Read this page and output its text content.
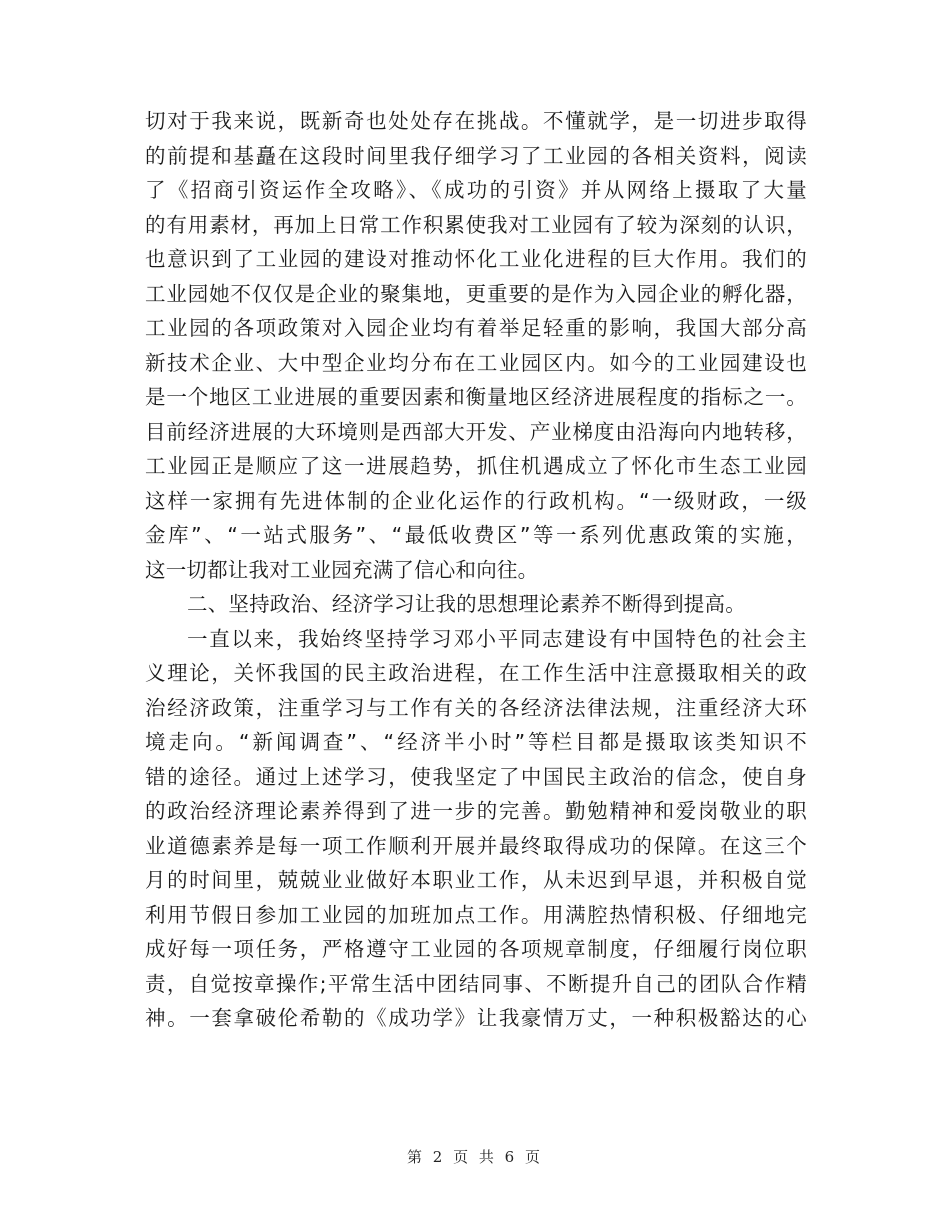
切对于我来说，既新奇也处处存在挑战。不懂就学，是一切进步取得
的前提和基矗在这段时间里我仔细学习了工业园的各相关资料，阅读
了《招商引资运作全攻略》、《成功的引资》并从网络上摄取了大量
的有用素材，再加上日常工作积累使我对工业园有了较为深刻的认识，
也意识到了工业园的建设对推动怀化工业化进程的巨大作用。我们的
工业园她不仅仅是企业的聚集地，更重要的是作为入园企业的孵化器，
工业园的各项政策对入园企业均有着举足轻重的影响，我国大部分高
新技术企业、大中型企业均分布在工业园区内。如今的工业园建设也
是一个地区工业进展的重要因素和衡量地区经济进展程度的指标之一。
目前经济进展的大环境则是西部大开发、产业梯度由沿海向内地转移，
工业园正是顺应了这一进展趋势，抓住机遇成立了怀化市生态工业园
这样一家拥有先进体制的企业化运作的行政机构。“一级财政，一级
金库”、“一站式服务”、“最低收费区”等一系列优惠政策的实施，
这一切都让我对工业园充满了信心和向往。
二、坚持政治、经济学习让我的思想理论素养不断得到提高。
一直以来，我始终坚持学习邓小平同志建设有中国特色的社会主
义理论，关怀我国的民主政治进程，在工作生活中注意摄取相关的政
治经济政策，注重学习与工作有关的各经济法律法规，注重经济大环
境走向。“新闻调查”、“经济半小时”等栏目都是摄取该类知识不
错的途径。通过上述学习，使我坚定了中国民主政治的信念，使自身
的政治经济理论素养得到了进一步的完善。勤勉精神和爱岗敬业的职
业道德素养是每一项工作顺利开展并最终取得成功的保障。在这三个
月的时间里，兢兢业业做好本职业工作，从未迟到早退，并积极自觉
利用节假日参加工业园的加班加点工作。用满腔热情积极、仔细地完
成好每一项任务，严格遵守工业园的各项规章制度，仔细履行岗位职
责，自觉按章操作;平常生活中团结同事、不断提升自己的团队合作精
神。一套拿破伦希勒的《成功学》让我豪情万丈，一种积极豁达的心
第 2 页 共 6 页
